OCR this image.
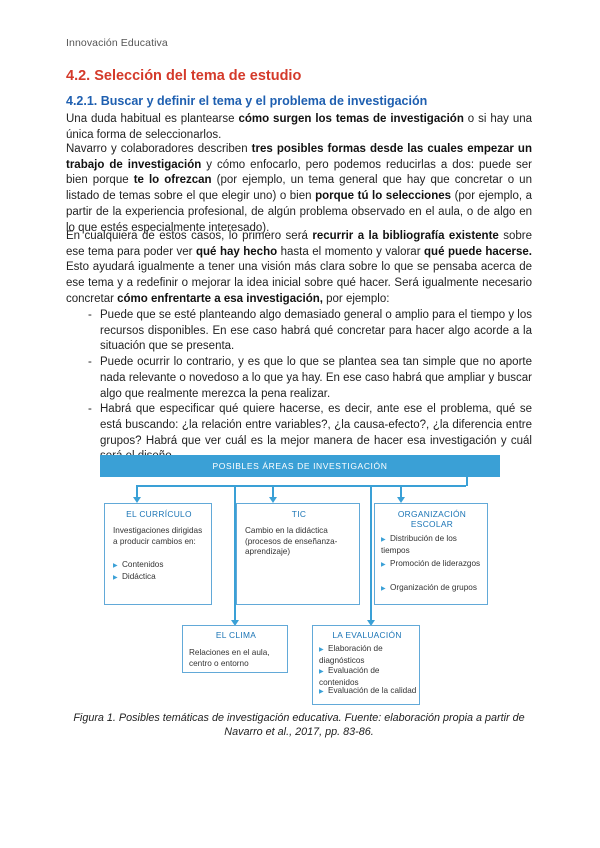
Innovación Educativa
4.2. Selección del tema de estudio
4.2.1. Buscar y definir el tema y el problema de investigación
Una duda habitual es plantearse cómo surgen los temas de investigación o si hay una única forma de seleccionarlos.
Navarro y colaboradores describen tres posibles formas desde las cuales empezar un trabajo de investigación y cómo enfocarlo, pero podemos reducirlas a dos: puede ser bien porque te lo ofrezcan (por ejemplo, un tema general que hay que concretar o un listado de temas sobre el que elegir uno) o bien porque tú lo selecciones (por ejemplo, a partir de la experiencia profesional, de algún problema observado en el aula, o de algo en lo que estés especialmente interesado).
En cualquiera de estos casos, lo primero será recurrir a la bibliografía existente sobre ese tema para poder ver qué hay hecho hasta el momento y valorar qué puede hacerse. Esto ayudará igualmente a tener una visión más clara sobre lo que se pensaba acerca de ese tema y a redefinir o mejorar la idea inicial sobre qué hacer. Será igualmente necesario concretar cómo enfrentarte a esa investigación, por ejemplo:
- Puede que se esté planteando algo demasiado general o amplio para el tiempo y los recursos disponibles. En ese caso habrá qué concretar para hacer algo acorde a la situación que se presenta.
- Puede ocurrir lo contrario, y es que lo que se plantea sea tan simple que no aporte nada relevante o novedoso a lo que ya hay. En ese caso habrá que ampliar y buscar algo que realmente merezca la pena realizar.
- Habrá que especificar qué quiere hacerse, es decir, ante ese el problema, qué se está buscando: ¿la relación entre variables?, ¿la causa-efecto?, ¿la diferencia entre grupos? Habrá que ver cuál es la mejor manera de hacer esa investigación y cuál
POSIBLES ÁREAS DE INVESTIGACIÓN
EL CURRÍCULO
Investigaciones dirigidas a producir cambios en:
▶ Contenidos
▶ Didáctica
TIC
Cambio en la didáctica (procesos de enseñanza-aprendizaje)
ORGANIZACIÓN
ESCOLAR
▶ Distribución de los tiempos
▶ Promoción de liderazgos
▶ Organización de grupos
EL CLIMA
Relaciones en el aula, centro o entorno
LA EVALUACIÓN
▶ Elaboración de diagnósticos
▶ Evaluación de contenidos
▶ Evaluación de la calidad
Figura 1. Posibles temáticas de investigación educativa. Fuente: elaboración propia a partir de Navarro et al., 2017, pp. 83-86.
